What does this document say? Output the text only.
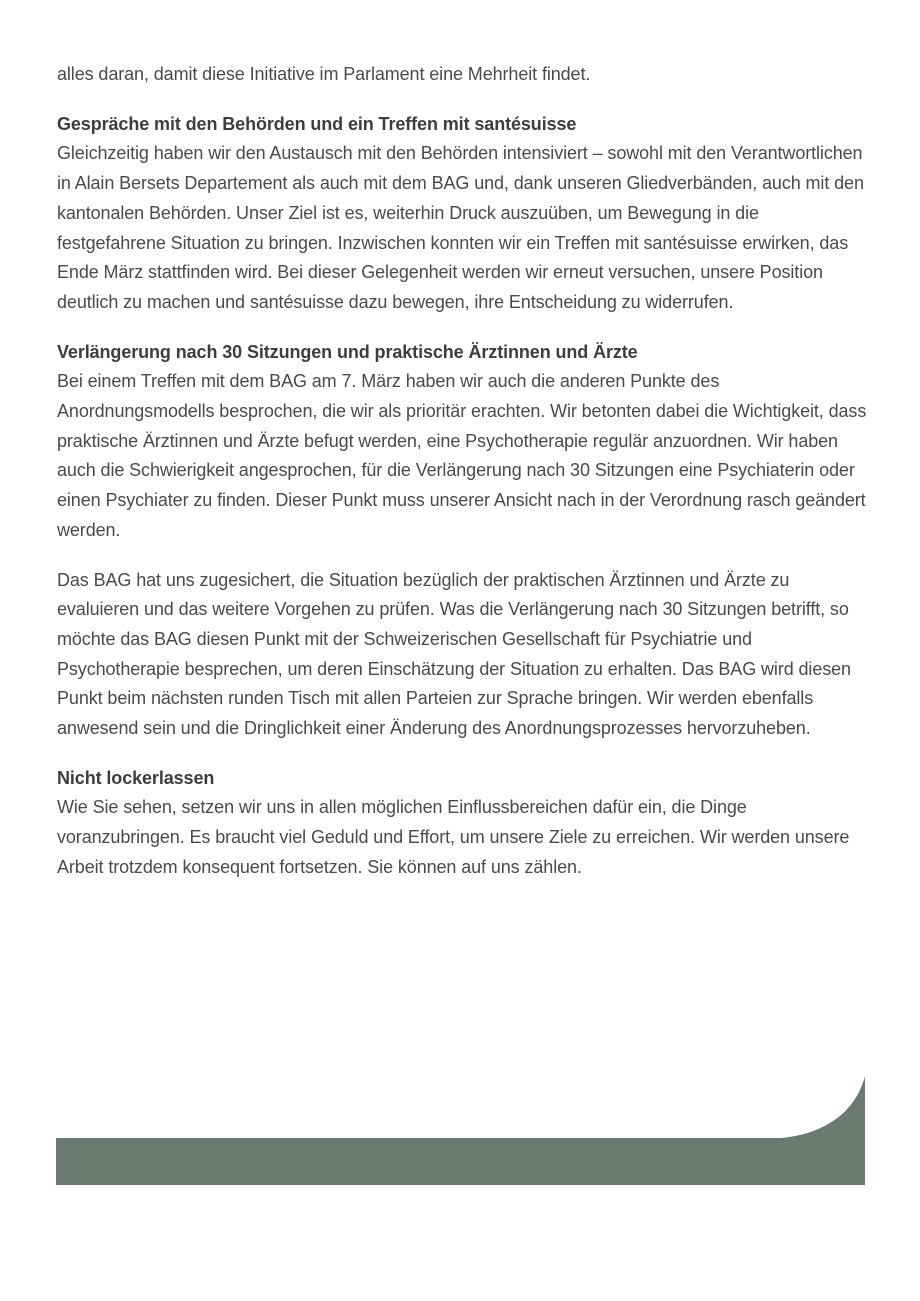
alles daran, damit diese Initiative im Parlament eine Mehrheit findet.

Gespräche mit den Behörden und ein Treffen mit santésuisse
Gleichzeitig haben wir den Austausch mit den Behörden intensiviert – sowohl mit den Verantwortlichen in Alain Bersets Departement als auch mit dem BAG und, dank unseren Gliedverbänden, auch mit den kantonalen Behörden. Unser Ziel ist es, weiterhin Druck auszuüben, um Bewegung in die festgefahrene Situation zu bringen. Inzwischen konnten wir ein Treffen mit santésuisse erwirken, das Ende März stattfinden wird. Bei dieser Gelegenheit werden wir erneut versuchen, unsere Position deutlich zu machen und santésuisse dazu bewegen, ihre Entscheidung zu widerrufen.

Verlängerung nach 30 Sitzungen und praktische Ärztinnen und Ärzte
Bei einem Treffen mit dem BAG am 7. März haben wir auch die anderen Punkte des Anordnungsmodells besprochen, die wir als prioritär erachten. Wir betonten dabei die Wichtigkeit, dass praktische Ärztinnen und Ärzte befugt werden, eine Psychotherapie regulär anzuordnen. Wir haben auch die Schwierigkeit angesprochen, für die Verlängerung nach 30 Sitzungen eine Psychiaterin oder einen Psychiater zu finden. Dieser Punkt muss unserer Ansicht nach in der Verordnung rasch geändert werden.

Das BAG hat uns zugesichert, die Situation bezüglich der praktischen Ärztinnen und Ärzte zu evaluieren und das weitere Vorgehen zu prüfen. Was die Verlängerung nach 30 Sitzungen betrifft, so möchte das BAG diesen Punkt mit der Schweizerischen Gesellschaft für Psychiatrie und Psychotherapie besprechen, um deren Einschätzung der Situation zu erhalten. Das BAG wird diesen Punkt beim nächsten runden Tisch mit allen Parteien zur Sprache bringen. Wir werden ebenfalls anwesend sein und die Dringlichkeit einer Änderung des Anordnungsprozesses hervorzuheben.

Nicht lockerlassen
Wie Sie sehen, setzen wir uns in allen möglichen Einflussbereichen dafür ein, die Dinge voranzubringen. Es braucht viel Geduld und Effort, um unsere Ziele zu erreichen. Wir werden unsere Arbeit trotzdem konsequent fortsetzen. Sie können auf uns zählen.
